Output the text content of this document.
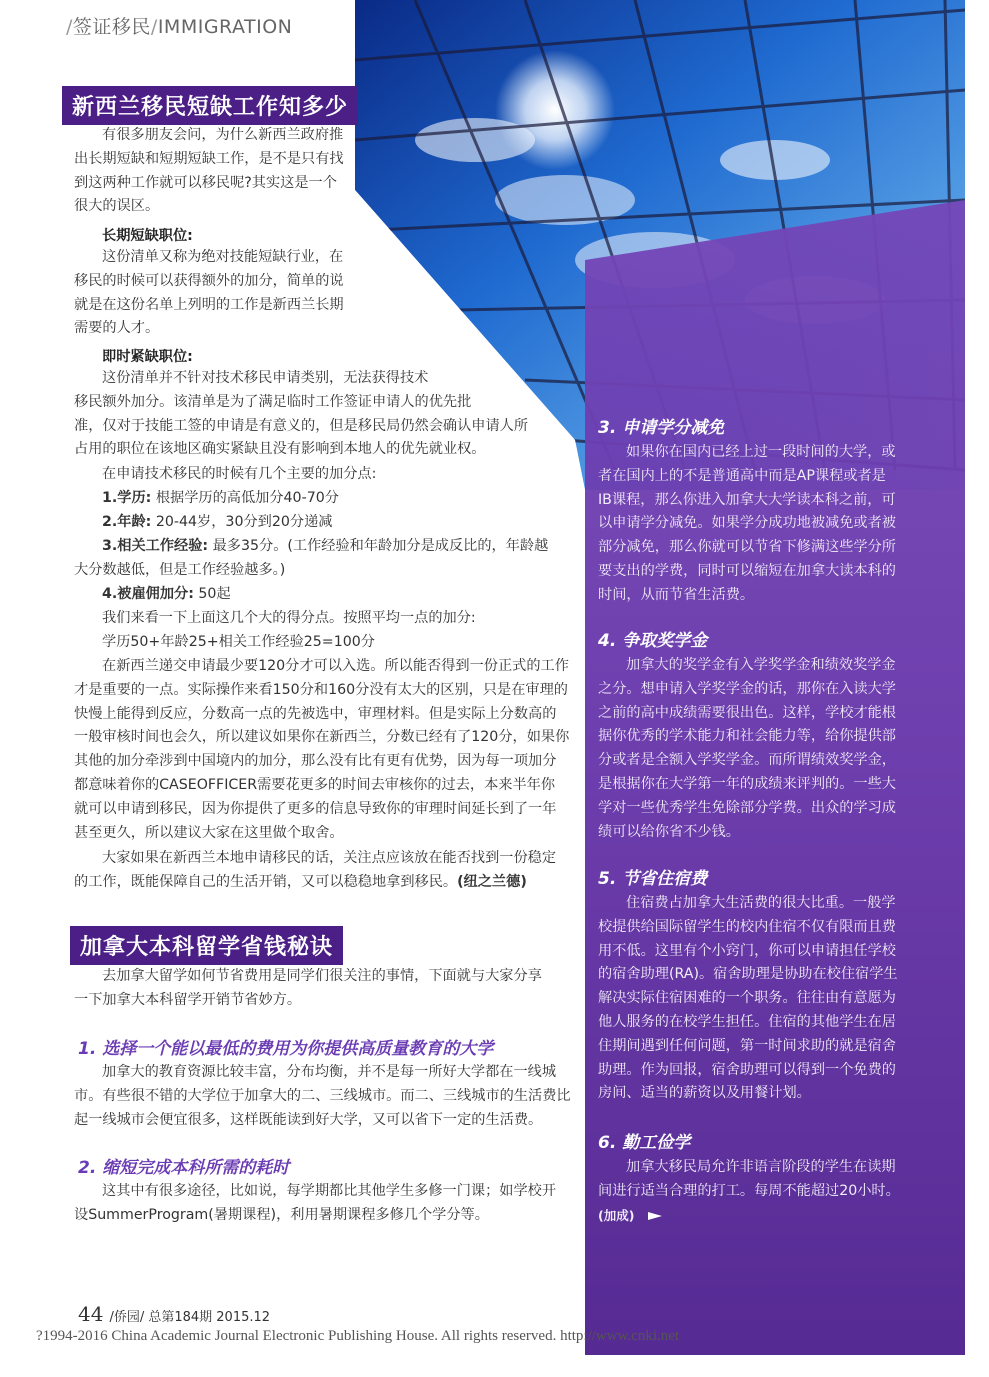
/签证移民/IMMIGRATION
新西兰移民短缺工作知多少
有很多朋友会问，为什么新西兰政府推
出长期短缺和短期短缺工作，是不是只有找
到这两种工作就可以移民呢?其实这是一个
很大的误区。
长期短缺职位:
这份清单又称为绝对技能短缺行业，在
移民的时候可以获得额外的加分，简单的说
就是在这份名单上列明的工作是新西兰长期
需要的人才。
即时紧缺职位:
这份清单并不针对技术移民申请类别，无法获得技术
移民额外加分。该清单是为了满足临时工作签证申请人的优先批
准，仅对于技能工签的申请是有意义的，但是移民局仍然会确认申请人所
占用的职位在该地区确实紧缺且没有影响到本地人的优先就业权。
在申请技术移民的时候有几个主要的加分点:
1.学历: 根据学历的高低加分40-70分
2.年龄: 20-44岁，30分到20分递减
3.相关工作经验: 最多35分。(工作经验和年龄加分是成反比的，年龄越
大分数越低，但是工作经验越多。)
4.被雇佣加分: 50起
我们来看一下上面这几个大的得分点。按照平均一点的加分:
学历50+年龄25+相关工作经验25=100分
在新西兰递交申请最少要120分才可以入选。所以能否得到一份正式的工作
才是重要的一点。实际操作来看150分和160分没有太大的区别，只是在审理的
快慢上能得到反应，分数高一点的先被选中，审理材料。但是实际上分数高的
一般审核时间也会久，所以建议如果你在新西兰，分数已经有了120分，如果你
其他的加分牵涉到中国境内的加分，那么没有比有更有优势，因为每一项加分
都意味着你的CASEOFFICER需要花更多的时间去审核你的过去，本来半年你
就可以申请到移民，因为你提供了更多的信息导致你的审理时间延长到了一年
甚至更久，所以建议大家在这里做个取舍。
大家如果在新西兰本地申请移民的话，关注点应该放在能否找到一份稳定
的工作，既能保障自己的生活开销，又可以稳稳地拿到移民。(纽之兰德)
加拿大本科留学省钱秘诀
去加拿大留学如何节省费用是同学们很关注的事情，下面就与大家分享
一下加拿大本科留学开销节省妙方。
1. 选择一个能以最低的费用为你提供高质量教育的大学
加拿大的教育资源比较丰富，分布均衡，并不是每一所好大学都在一线城
市。有些很不错的大学位于加拿大的二、三线城市。而二、三线城市的生活费比
起一线城市会便宜很多，这样既能读到好大学，又可以省下一定的生活费。
2. 缩短完成本科所需的耗时
这其中有很多途径，比如说，每学期都比其他学生多修一门课；如学校开
设SummerProgram(暑期课程)，利用暑期课程多修几个学分等。
3. 申请学分减免
如果你在国内已经上过一段时间的大学，或
者在国内上的不是普通高中而是AP课程或者是
IB课程，那么你进入加拿大大学读本科之前，可
以申请学分减免。如果学分成功地被减免或者被
部分减免，那么你就可以节省下修满这些学分所
要支出的学费，同时可以缩短在加拿大读本科的
时间，从而节省生活费。
4. 争取奖学金
加拿大的奖学金有入学奖学金和绩效奖学金
之分。想申请入学奖学金的话，那你在入读大学
之前的高中成绩需要很出色。这样，学校才能根
据你优秀的学术能力和社会能力等，给你提供部
分或者是全额入学奖学金。而所谓绩效奖学金，
是根据你在大学第一年的成绩来评判的。一些大
学对一些优秀学生免除部分学费。出众的学习成
绩可以给你省不少钱。
5. 节省住宿费
住宿费占加拿大生活费的很大比重。一般学
校提供给国际留学生的校内住宿不仅有限而且费
用不低。这里有个小窍门，你可以申请担任学校
的宿舍助理(RA)。宿舍助理是协助在校住宿学生
解决实际住宿困难的一个职务。往往由有意愿为
他人服务的在校学生担任。住宿的其他学生在居
住期间遇到任何问题，第一时间求助的就是宿舍
助理。作为回报，宿舍助理可以得到一个免费的
房间、适当的薪资以及用餐计划。
6. 勤工俭学
加拿大移民局允许非语言阶段的学生在读期
间进行适当合理的打工。每周不能超过20小时。
(加成)
44 /侨园/ 总第184期 2015.12
?1994-2016 China Academic Journal Electronic Publishing House. All rights reserved. http://www.cnki.net
